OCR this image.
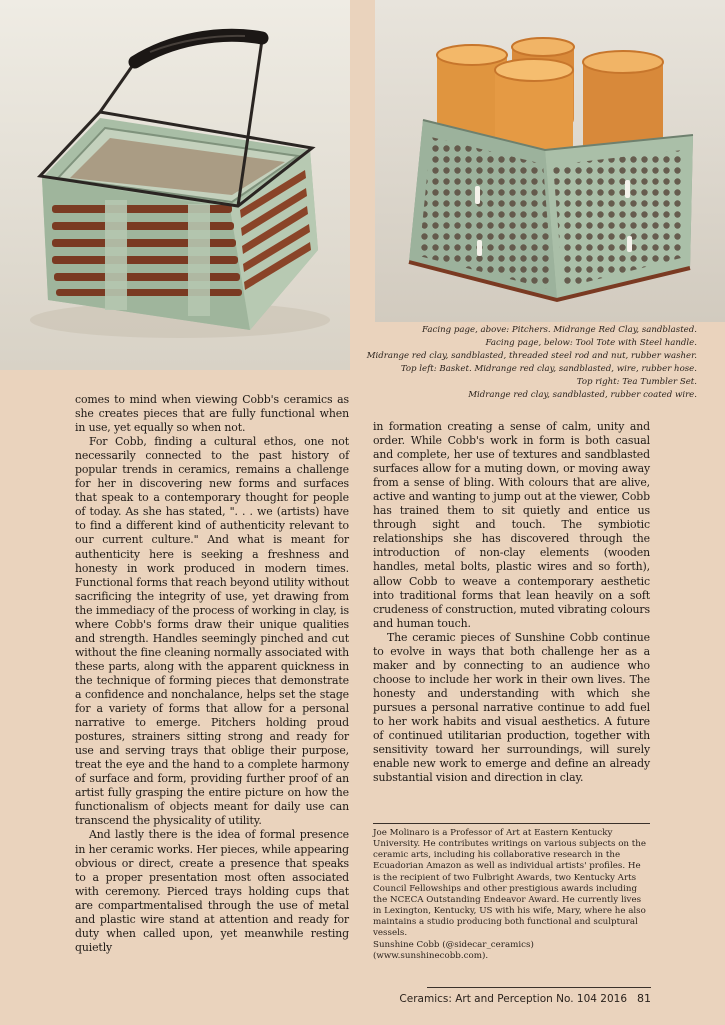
Facing page, above: Pitchers. Midrange Red Clay, sandblasted.
Facing page, below: Tool Tote with Steel handle.
Midrange red clay, sandblasted, threaded steel rod and nut, rubber washer.
Top left: Basket. Midrange red clay, sandblasted, wire, rubber hose.
Top right: Tea Tumbler Set.
Midrange red clay, sandblasted, rubber coated wire.

comes to mind when viewing Cobb's ceramics as she creates pieces that are fully functional when in use, yet equally so when not.

For Cobb, finding a cultural ethos, one not necessarily connected to the past history of popular trends in ceramics, remains a challenge for her in discovering new forms and surfaces that speak to a contemporary thought for people of today. As she has stated, ". . . we (artists) have to find a different kind of authenticity relevant to our current culture." And what is meant for authenticity here is seeking a freshness and honesty in work produced in modern times. Functional forms that reach beyond utility without sacrificing the integrity of use, yet drawing from the immediacy of the process of working in clay, is where Cobb's forms draw their unique qualities and strength. Handles seemingly pinched and cut without the fine cleaning normally associated with these parts, along with the apparent quickness in the technique of forming pieces that demonstrate a confidence and nonchalance, helps set the stage for a variety of forms that allow for a personal narrative to emerge. Pitchers holding proud postures, strainers sitting strong and ready for use and serving trays that oblige their purpose, treat the eye and the hand to a complete harmony of surface and form, providing further proof of an artist fully grasping the entire picture on how the functionalism of objects meant for daily use can transcend the physicality of utility.

And lastly there is the idea of formal presence in her ceramic works. Her pieces, while appearing obvious or direct, create a presence that speaks to a proper presentation most often associated with ceremony. Pierced trays holding cups that are compartmentalised through the use of metal and plastic wire stand at attention and ready for duty when called upon, yet meanwhile resting quietly

in formation creating a sense of calm, unity and order. While Cobb's work in form is both casual and complete, her use of textures and sandblasted surfaces allow for a muting down, or moving away from a sense of bling. With colours that are alive, active and wanting to jump out at the viewer, Cobb has trained them to sit quietly and entice us through sight and touch. The symbiotic relationships she has discovered through the introduction of non-clay elements (wooden handles, metal bolts, plastic wires and so forth), allow Cobb to weave a contemporary aesthetic into traditional forms that lean heavily on a soft crudeness of construction, muted vibrating colours and human touch.

The ceramic pieces of Sunshine Cobb continue to evolve in ways that both challenge her as a maker and by connecting to an audience who choose to include her work in their own lives. The honesty and understanding with which she pursues a personal narrative continue to add fuel to her work habits and visual aesthetics. A future of continued utilitarian production, together with sensitivity toward her surroundings, will surely enable new work to emerge and define an already substantial vision and direction in clay.

Joe Molinaro is a Professor of Art at Eastern Kentucky University. He contributes writings on various subjects on the ceramic arts, including his collaborative research in the Ecuadorian Amazon as well as individual artists' profiles. He is the recipient of two Fulbright Awards, two Kentucky Arts Council Fellowships and other prestigious awards including the NCECA Outstanding Endeavor Award. He currently lives in Lexington, Kentucky, US with his wife, Mary, where he also maintains a studio producing both functional and sculptural vessels.

Sunshine Cobb (@sidecar_ceramics) (www.sunshinecobb.com).

Ceramics: Art and Perception No. 104 2016 81
